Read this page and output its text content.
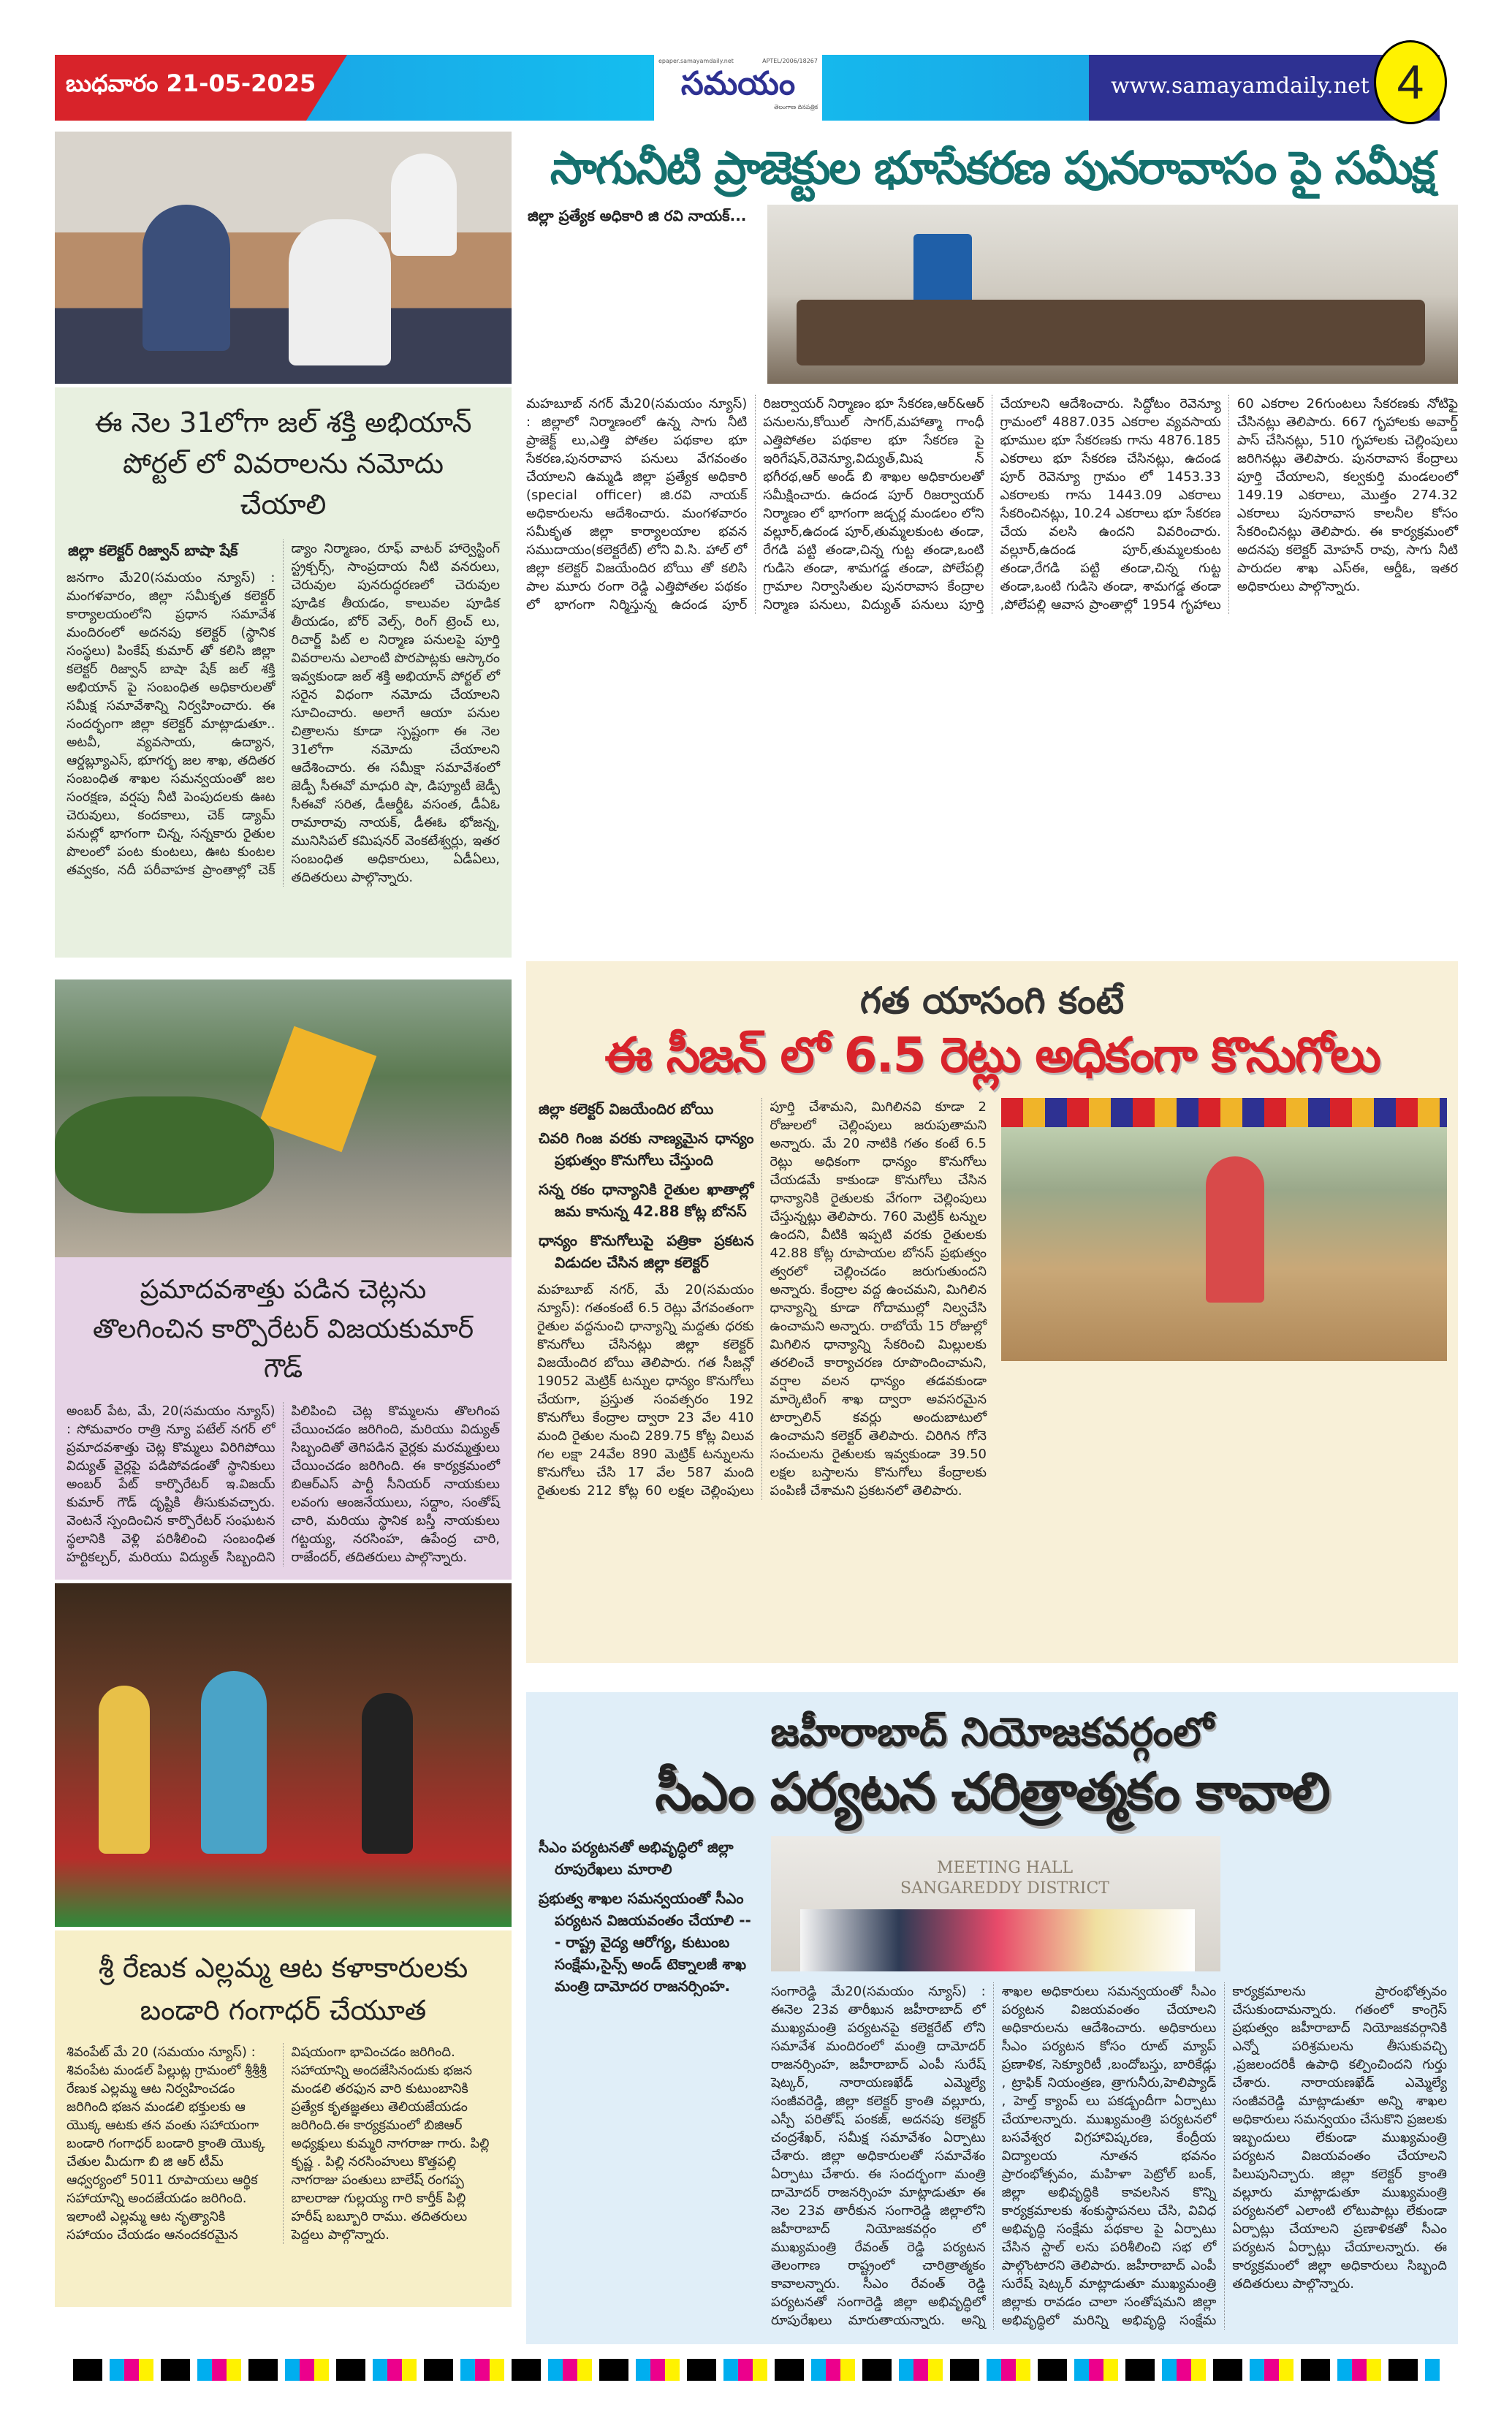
బుధవారం 21-05-2025
epaper.samayamdaily.net	APTEL/2006/18267
సమయం
తెలంగాణ దినపత్రిక
www.samayamdaily.net 4
ఈ నెల 31లోగా జల్ శక్తి అభియాన్ పోర్టల్ లో వివరాలను నమోదు చేయాలి
జిల్లా కలెక్టర్ రిజ్వాన్ బాషా షేక్
జనగాం మే20(సమయం న్యూస్) : మంగళవారం, జిల్లా సమీకృత కలెక్టర్ కార్యాలయంలోని ప్రధాన సమావేశ మందిరంలో అదనపు కలెక్టర్ (స్థానిక సంస్థలు) పింకేష్ కుమార్ తో కలిసి జిల్లా కలెక్టర్ రిజ్వాన్ బాషా షేక్ జల్ శక్తి అభియాన్ పై సంబంధిత అధికారులతో సమీక్ష సమావేశాన్ని నిర్వహించారు. ఈ సందర్భంగా జిల్లా కలెక్టర్ మాట్లాడుతూ.. అటవీ, వ్యవసాయ, ఉద్యాన, ఆర్డబ్ల్యూఎస్, భూగర్భ జల శాఖ, తదితర సంబంధిత శాఖల సమన్వయంతో జల సంరక్షణ, వర్షపు నీటి పెంపుదలకు ఊట చెరువులు, కందకాలు, చెక్ డ్యామ్ పనుల్లో భాగంగా చిన్న, సన్నకారు రైతుల పొలంలో పంట కుంటలు, ఊట కుంటల తవ్వకం, నదీ పరీవాహక ప్రాంతాల్లో చెక్ డ్యాం నిర్మాణం, రూఫ్ వాటర్ హార్వెస్టింగ్ స్ట్రక్చర్స్, సాంప్రదాయ నీటి వనరులు, చెరువుల పునరుద్ధరణలో చెరువుల పూడిక తీయడం, కాలువల పూడిక తీయడం, బోర్ వెల్స్, రింగ్ ట్రెంచ్ లు, రిచార్జ్ పిట్ ల నిర్మాణ పనులపై పూర్తి వివరాలను ఎలాంటి పొరపాట్లకు ఆస్కారం ఇవ్వకుండా జల్ శక్తి అభియాన్ పోర్టల్ లో సరైన విధంగా నమోదు చేయాలని సూచించారు. అలాగే ఆయా పనుల చిత్రాలను కూడా స్పష్టంగా ఈ నెల 31లోగా నమోదు చేయాలని ఆదేశించారు. ఈ సమీక్షా సమావేశంలో జెడ్పీ సీఈవో మాధురి షా, డిప్యూటీ జెడ్పీ సీఈవో సరిత, డీఆర్డీఓ వసంత, డీఏఓ రామారావు నాయక్, డీఈఓ భోజన్న, మునిసిపల్ కమిషనర్ వెంకటేశ్వర్లు, ఇతర సంబంధిత అధికారులు, ఏడీఏలు, తదితరులు పాల్గొన్నారు.
ప్రమాదవశాత్తు పడిన చెట్లను తొలగించిన కార్పొరేటర్ విజయకుమార్ గౌడ్
అంబర్ పేట, మే, 20(సమయం న్యూస్) : సోమవారం రాత్రి న్యూ పటేల్ నగర్ లో ప్రమాదవశాత్తు చెట్ల కొమ్మలు విరిగిపోయి విద్యుత్ వైర్లపై పడిపోవడంతో స్థానికులు అంబర్ పేట్ కార్పొరేటర్ ఇ.విజయ్ కుమార్ గౌడ్ దృష్టికి తీసుకువచ్చారు. వెంటనే స్పందించిన కార్పొరేటర్ సంఘటన స్థలానికి వెళ్లి పరిశీలించి సంబంధిత హర్టికల్చర్, మరియు విద్యుత్ సిబ్బందిని పిలిపించి చెట్ల కొమ్మలను తొలగింప చేయించడం జరిగింది, మరియు విద్యుత్ సిబ్బందితో తెగిపడిన వైర్లకు మరమ్మత్తులు చేయించడం జరిగింది. ఈ కార్యక్రమంలో బిఆర్ఎస్ పార్టీ సీనియర్ నాయకులు లవంగు ఆంజనేయులు, సద్దాం, సంతోష్ చారి, మరియు స్థానిక బస్తీ నాయకులు గట్టయ్య, నరసింహ, ఉపేంద్ర చారి, రాజేందర్, తదితరులు పాల్గొన్నారు.
శ్రీ రేణుక ఎల్లమ్మ ఆట కళాకారులకు బండారి గంగాధర్ చేయూత
శివంపేట్ మే 20 (సమయం న్యూస్) : శివంపేట మండల్ పిల్లుట్ల గ్రామంలో శ్రీశ్రీశ్రీ రేణుక ఎల్లమ్మ ఆట నిర్వహించడం జరిగింది భజన మండలి భక్తులకు ఆ యొక్క ఆటకు తన వంతు సహాయంగా బండారి గంగాధర్ బండారి క్రాంతి యొక్క చేతుల మీదుగా బి జి ఆర్ టీమ్ ఆధ్వర్యంలో 5011 రూపాయలు ఆర్థిక సహాయాన్ని అందజేయడం జరిగింది. ఇలాంటి ఎల్లమ్మ ఆట నృత్యానికి సహాయం చేయడం ఆనందకరమైన విషయంగా భావించడం జరిగింది. సహాయాన్ని అందజేసినందుకు భజన మండలి తరఫున వారి కుటుంబానికి ప్రత్యేక కృతజ్ఞతలు తెలియజేయడం జరిగింది.ఈ కార్యక్రమంలో బిజిఆర్ అధ్యక్షులు కుమ్మరి నాగరాజు గారు. పిల్లి కృష్ణ . పిల్లి నరసింహులు కొత్తపల్లి నాగరాజు పంతులు బాలేష్ రంగప్ప బాలరాజు గుల్లయ్య గారి కార్తీక్ పిల్లి హరీష్ బబ్బూరి రాము. తదితరులు పెద్దలు పాల్గొన్నారు.
సాగునీటి ప్రాజెక్టుల భూసేకరణ పునరావాసం పై సమీక్ష
జిల్లా ప్రత్యేక అధికారి జి రవి నాయక్...
మహబూబ్ నగర్ మే20(సమయం న్యూస్) : జిల్లాలో నిర్మాణంలో ఉన్న సాగు నీటి ప్రాజెక్ట్ లు,ఎత్తి పోతల పథకాల భూ సేకరణ,పునరావాస పనులు వేగవంతం చేయాలని ఉమ్మడి జిల్లా ప్రత్యేక అధికారి (special officer) జి.రవి నాయక్ అధికారులను ఆదేశించారు. మంగళవారం సమీకృత జిల్లా కార్యాలయాల భవన సముదాయం(కలెక్టరేట్) లోని వి.సి. హాల్ లో జిల్లా కలెక్టర్ విజయేందిర బోయి తో కలిసి పాల మూరు రంగా రెడ్డి ఎత్తిపోతల పథకం లో భాగంగా నిర్మిస్తున్న ఉదండ పూర్ రిజర్వాయర్ నిర్మాణం భూ సేకరణ,ఆర్&ఆర్ పనులను,కోయిల్ సాగర్,మహాత్మా గాంధీ ఎత్తిపోతల పథకాల భూ సేకరణ పై ఇరిగేషన్,రెవెన్యూ,విద్యుత్,మిష న్ భగీరథ,ఆర్ అండ్ బి శాఖల అధికారులతో సమీక్షించారు. ఉదండ పూర్ రిజర్వాయర్ నిర్మాణం లో భాగంగా జడ్చర్ల మండలం లోని వల్లూర్,ఉదండ పూర్,తుమ్మలకుంట తండా, రేగడి పట్టి తండా,చిన్న గుట్ట తండా,ఒంటి గుడిసె తండా, శామగడ్డ తండా, పోలేపల్లి గ్రామాల నిర్వాసితుల పునరావాస కేంద్రాల నిర్మాణ పనులు, విద్యుత్ పనులు పూర్తి చేయాలని ఆదేశించారు. సిద్ధోటం రెవెన్యూ గ్రామంలో 4887.035 ఎకరాల వ్యవసాయ భూముల భూ సేకరణకు గాను 4876.185 ఎకరాలు భూ సేకరణ చేసినట్లు, ఉదండ పూర్ రెవెన్యూ గ్రామం లో 1453.33 ఎకరాలకు గాను 1443.09 ఎకరాలు సేకరించినట్లు, 10.24 ఎకరాలు భూ సేకరణ చేయ వలసి ఉందని వివరించారు. వల్లూర్,ఉదండ పూర్,తుమ్మలకుంట తండా,రేగడి పట్టి తండా,చిన్న గుట్ట తండా,ఒంటి గుడిసె తండా, శామగడ్డ తండా ,పోలేపల్లి ఆవాస ప్రాంతాల్లో 1954 గృహాలు 60 ఎకరాల 26గుంటలు సేకరణకు నోటిఫై చేసినట్లు తెలిపారు. 667 గృహాలకు అవార్డ్ పాస్ చేసినట్లు, 510 గృహాలకు చెల్లింపులు జరిగినట్లు తెలిపారు. పునరావాస కేంద్రాలు పూర్తి చేయాలని, కల్వకుర్తి మండలంలో 149.19 ఎకరాలు, మొత్తం 274.32 ఎకరాలు పునరావాస కాలనీల కోసం సేకరించినట్లు తెలిపారు. ఈ కార్యక్రమంలో అదనపు కలెక్టర్ మోహన్ రావు, సాగు నీటి పారుదల శాఖ ఎస్ఈ, ఆర్డీఓ, ఇతర అధికారులు పాల్గొన్నారు.
గత యాసంగి కంటే
ఈ సీజన్ లో 6.5 రెట్లు అధికంగా కొనుగోలు
జిల్లా కలెక్టర్ విజయేందిర బోయి
చివరి గింజ వరకు నాణ్యమైన ధాన్యం ప్రభుత్వం కొనుగోలు చేస్తుంది
సన్న రకం ధాన్యానికి రైతుల ఖాతాల్లో జమ కానున్న 42.88 కోట్ల బోనస్
ధాన్యం కొనుగోలుపై పత్రికా ప్రకటన విడుదల చేసిన జిల్లా కలెక్టర్
మహబూబ్ నగర్, మే 20(సమయం న్యూస్): గతంకంటే 6.5 రెట్లు వేగవంతంగా రైతుల వద్దనుంచి ధాన్యాన్ని మద్దతు ధరకు కొనుగోలు చేసినట్లు జిల్లా కలెక్టర్ విజయేందిర బోయి తెలిపారు. గత సీజన్లో 19052 మెట్రిక్ టన్నుల ధాన్యం కొనుగోలు చేయగా, ప్రస్తుత సంవత్సరం 192 కొనుగోలు కేంద్రాల ద్వారా 23 వేల 410 మంది రైతుల నుంచి 289.75 కోట్ల విలువ గల లక్షా 24వేల 890 మెట్రిక్ టన్నులను కొనుగోలు చేసి 17 వేల 587 మంది రైతులకు 212 కోట్ల 60 లక్షల చెల్లింపులు పూర్తి చేశామని, మిగిలినవి కూడా 2 రోజులలో చెల్లింపులు జరుపుతామని అన్నారు. మే 20 నాటికి గతం కంటే 6.5 రెట్లు అధికంగా ధాన్యం కొనుగోలు చేయడమే కాకుండా కొనుగోలు చేసిన ధాన్యానికి రైతులకు వేగంగా చెల్లింపులు చేస్తున్నట్లు తెలిపారు. 760 మెట్రిక్ టన్నుల ఉందని, వీటికి ఇప్పటి వరకు రైతులకు 42.88 కోట్ల రూపాయల బోనస్ ప్రభుత్వం త్వరలో చెల్లించడం జరుగుతుందని అన్నారు. కేంద్రాల వద్ద ఉంచమని, మిగిలిన ధాన్యాన్ని కూడా గోదాముల్లో నిల్వచేసి ఉంచామని అన్నారు. రాబోయే 15 రోజుల్లో మిగిలిన ధాన్యాన్ని సేకరించి మిల్లులకు తరలించే కార్యాచరణ రూపొందించామని, వర్షాల వలన ధాన్యం తడవకుండా మార్కెటింగ్ శాఖ ద్వారా అవసరమైన టార్పాలిన్ కవర్లు అందుబాటులో ఉంచామని కలెక్టర్ తెలిపారు. చిరిగిన గోనె సంచులను రైతులకు ఇవ్వకుండా 39.50 లక్షల బస్తాలను కొనుగోలు కేంద్రాలకు పంపిణీ చేశామని ప్రకటనలో తెలిపారు.
జహీరాబాద్ నియోజకవర్గంలో
సీఎం పర్యటన చరిత్రాత్మకం కావాలి
సీఎం పర్యటనతో అభివృద్ధిలో జిల్లా రూపురేఖలు మారాలి
ప్రభుత్వ శాఖల సమన్వయంతో సీఎం పర్యటన విజయవంతం చేయాలి --- రాష్ట్ర వైద్య ఆరోగ్య, కుటుంబ సంక్షేమ,సైన్స్ అండ్ టెక్నాలజీ శాఖ మంత్రి దామోదర రాజనర్సింహ.
MEETING HALL SANGAREDDY DISTRICT
సంగారెడ్డి మే20(సమయం న్యూస్) : ఈనెల 23వ తారీఖున జహీరాబాద్ లో ముఖ్యమంత్రి పర్యటనపై కలెక్టరేట్ లోని సమావేశ మందిరంలో మంత్రి దామోదర్ రాజనర్సింహ, జహీరాబాద్ ఎంపీ సురేష్ షెట్కర్, నారాయణఖేడ్ ఎమ్మెల్యే సంజీవరెడ్డి, జిల్లా కలెక్టర్ క్రాంతి వల్లూరు, ఎస్పీ పరితోష్ పంకజ్, అదనపు కలెక్టర్ చంద్రశేఖర్, సమీక్ష సమావేశం ఏర్పాటు చేశారు. జిల్లా అధికారులతో సమావేశం ఏర్పాటు చేశారు. ఈ సందర్భంగా మంత్రి దామోదర్ రాజనర్సింహ మాట్లాడుతూ ఈ నెల 23వ తారీకున సంగారెడ్డి జిల్లాలోని జహీరాబాద్ నియోజకవర్గం లో ముఖ్యమంత్రి రేవంత్ రెడ్డి పర్యటన తెలంగాణ రాష్ట్రంలో చారిత్రాత్మకం కావాలన్నారు. సీఎం రేవంత్ రెడ్డి పర్యటనతో సంగారెడ్డి జిల్లా అభివృద్ధిలో రూపురేఖలు మారుతాయన్నారు. అన్ని శాఖల అధికారులు సమన్వయంతో సీఎం పర్యటన విజయవంతం చేయాలని అధికారులను ఆదేశించారు. అధికారులు సీఎం పర్యటన కోసం రూట్ మ్యాప్ ప్రణాళిక, సెక్యూరిటీ ,బందోబస్తు, బారికేడ్లు , ట్రాఫిక్ నియంత్రణ, త్రాగునీరు,హెలిప్యాడ్ , హెల్త్ క్యాంప్ లు పకడ్బందీగా ఏర్పాటు చేయాలన్నారు. ముఖ్యమంత్రి పర్యటనలో బసవేశ్వర విగ్రహావిష్కరణ, కేంద్రీయ విద్యాలయ నూతన భవనం ప్రారంభోత్సవం, మహిళా పెట్రోల్ బంక్, జిల్లా అభివృద్ధికి కావలసిన కొన్ని కార్యక్రమాలకు శంకుస్థాపనలు చేసి, వివిధ అభివృద్ధి సంక్షేమ పథకాల పై ఏర్పాటు చేసిన స్టాల్ లను పరిశీలించి సభ లో పాల్గొంటారని తెలిపారు. జహీరాబాద్ ఎంపీ సురేష్ షెట్కర్ మాట్లాడుతూ ముఖ్యమంత్రి జిల్లాకు రావడం చాలా సంతోషమని జిల్లా అభివృద్ధిలో మరిన్ని అభివృద్ధి సంక్షేమ కార్యక్రమాలను ప్రారంభోత్సవం చేసుకుందామన్నారు. గతంలో కాంగ్రెస్ ప్రభుత్వం జహీరాబాద్ నియోజకవర్గానికి ఎన్నో పరిశ్రమలను తీసుకువచ్చి ,ప్రజలందరికీ ఉపాధి కల్పించిందని గుర్తు చేశారు. నారాయణఖేడ్ ఎమ్మెల్యే సంజీవరెడ్డి మాట్లాడుతూ అన్ని శాఖల అధికారులు సమన్వయం చేసుకొని ప్రజలకు ఇబ్బందులు లేకుండా ముఖ్యమంత్రి పర్యటన విజయవంతం చేయాలని పిలుపునిచ్చారు. జిల్లా కలెక్టర్ క్రాంతి వల్లూరు మాట్లాడుతూ ముఖ్యమంత్రి పర్యటనలో ఎలాంటి లోటుపాట్లు లేకుండా ఏర్పాట్లు చేయాలని ప్రణాళికతో సీఎం పర్యటన ఏర్పాట్లు చేయాలన్నారు. ఈ కార్యక్రమంలో జిల్లా అధికారులు సిబ్బంది తదితరులు పాల్గొన్నారు.
